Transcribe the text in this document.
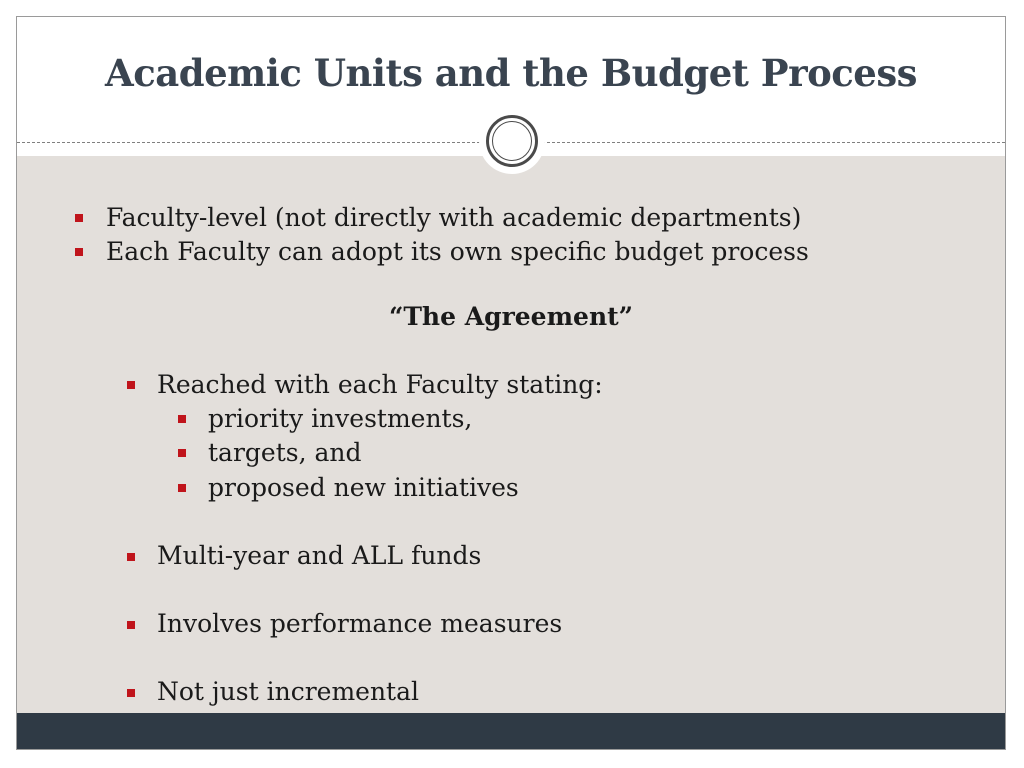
Academic Units and the Budget Process
Faculty-level (not directly with academic departments)
Each Faculty can adopt its own specific budget process
“The Agreement”
Reached with each Faculty stating:
priority investments,
targets, and
proposed new initiatives
Multi-year and ALL funds
Involves performance measures
Not just incremental
